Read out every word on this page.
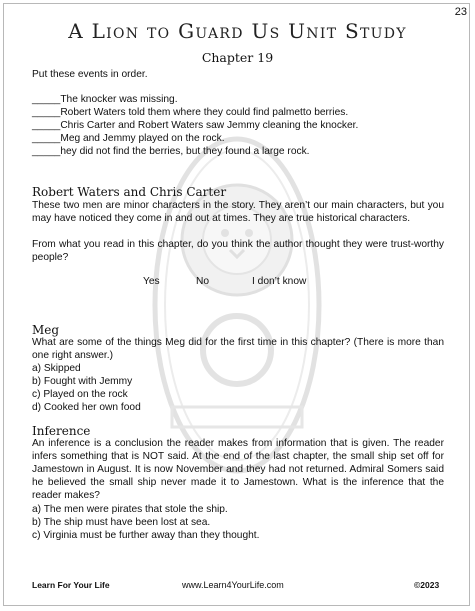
23
A Lion to Guard Us Unit Study
Chapter 19
Put these events in order.
_____The knocker was missing.
_____Robert Waters told them where they could find palmetto berries.
_____Chris Carter and Robert Waters saw Jemmy cleaning the knocker.
_____Meg and Jemmy played on the rock.
_____hey did not find the berries, but they found a large rock.
Robert Waters and Chris Carter
These two men are minor characters in the story. They aren’t our main characters, but you may have noticed they come in and out at times. They are true historical characters.
From what you read in this chapter, do you think the author thought they were trust-worthy people?
Yes	No	I don’t know
Meg
What are some of the things Meg did for the first time in this chapter? (There is more than one right answer.)
a) Skipped
b) Fought with Jemmy
c) Played on the rock
d) Cooked her own food
Inference
An inference is a conclusion the reader makes from information that is given. The reader infers something that is NOT said. At the end of the last chapter, the small ship set off for Jamestown in August. It is now November and they had not returned. Admiral Somers said he believed the small ship never made it to Jamestown. What is the inference that the reader makes?
a) The men were pirates that stole the ship.
b) The ship must have been lost at sea.
c) Virginia must be further away than they thought.
Learn For Your Life	www.Learn4YourLife.com	©2023
